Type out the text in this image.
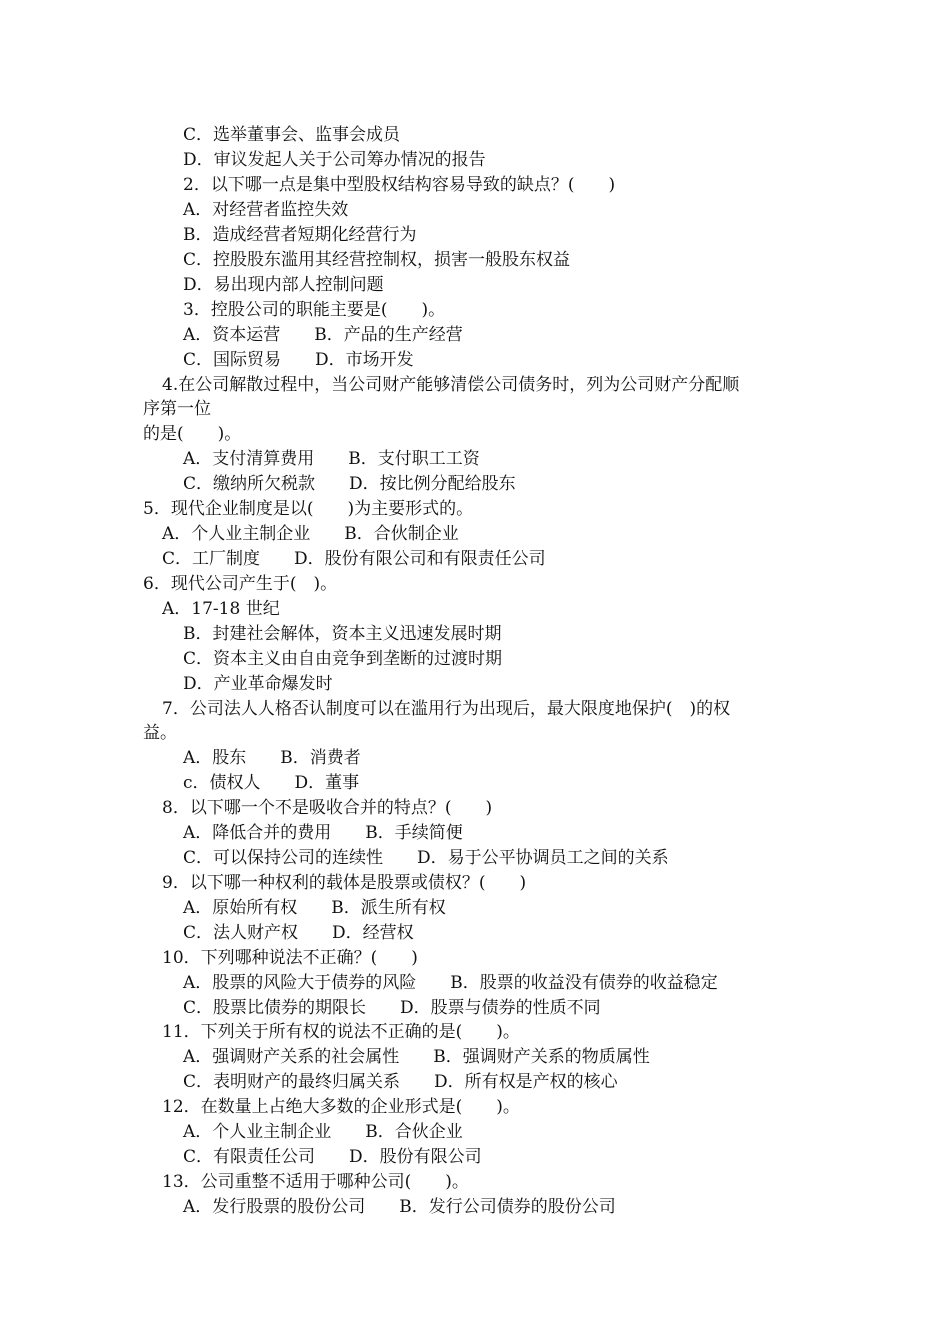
C．选举董事会、监事会成员
D．审议发起人关于公司筹办情况的报告
2．以下哪一点是集中型股权结构容易导致的缺点？(　　)
A．对经营者监控失效
B．造成经营者短期化经营行为
C．控股股东滥用其经营控制权，损害一般股东权益
D．易出现内部人控制问题
3．控股公司的职能主要是(　　)。
A．资本运营　　B．产品的生产经营
C．国际贸易　　D．市场开发
4.在公司解散过程中，当公司财产能够清偿公司债务时，列为公司财产分配顺
序第一位
的是(　　)。
A．支付清算费用　　B．支付职工工资
C．缴纳所欠税款　　D．按比例分配给股东
5．现代企业制度是以(　　)为主要形式的。
A．个人业主制企业　　B．合伙制企业
C．工厂制度　　D．股份有限公司和有限责任公司
6．现代公司产生于(　)。
A．17-18 世纪
B．封建社会解体，资本主义迅速发展时期
C．资本主义由自由竞争到垄断的过渡时期
D．产业革命爆发时
7．公司法人人格否认制度可以在滥用行为出现后，最大限度地保护(　)的权
益。
A．股东　　B．消费者
c．债权人　　D．董事
8．以下哪一个不是吸收合并的特点？(　　)
A．降低合并的费用　　B．手续简便
C．可以保持公司的连续性　　D．易于公平协调员工之间的关系
9．以下哪一种权利的载体是股票或债权？(　　)
A．原始所有权　　B．派生所有权
C．法人财产权　　D．经营权
10．下列哪种说法不正确？(　　)
A．股票的风险大于债券的风险　　B．股票的收益没有债券的收益稳定
C．股票比债券的期限长　　D．股票与债券的性质不同
11．下列关于所有权的说法不正确的是(　　)。
A．强调财产关系的社会属性　　B．强调财产关系的物质属性
C．表明财产的最终归属关系　　D．所有权是产权的核心
12．在数量上占绝大多数的企业形式是(　　)。
A．个人业主制企业　　B．合伙企业
C．有限责任公司　　D．股份有限公司
13．公司重整不适用于哪种公司(　　)。
A．发行股票的股份公司　　B．发行公司债券的股份公司
